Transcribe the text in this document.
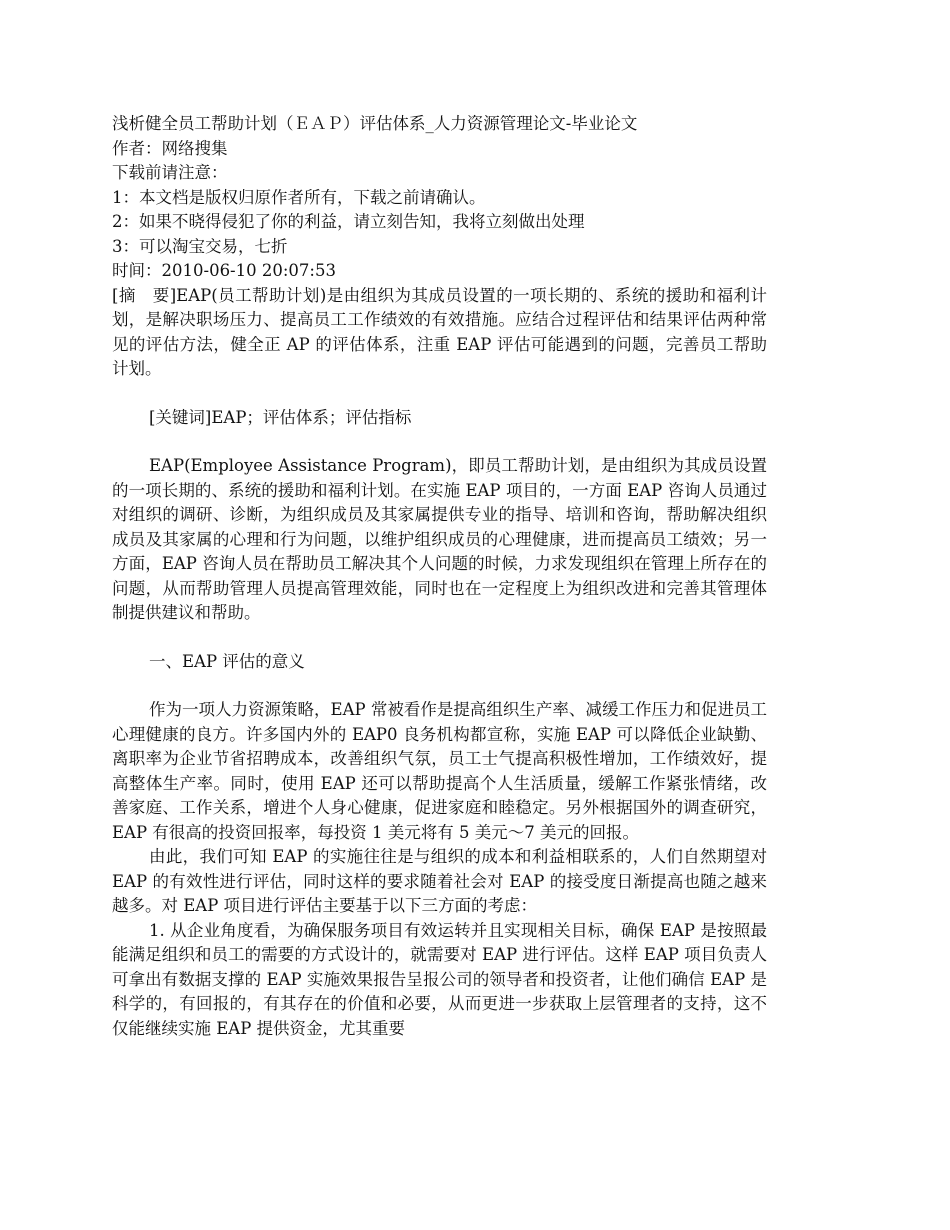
浅析健全员工帮助计划（ＥＡＰ）评估体系_人力资源管理论文-毕业论文
作者：网络搜集
下载前请注意：
1：本文档是版权归原作者所有，下载之前请确认。
2：如果不晓得侵犯了你的利益，请立刻告知，我将立刻做出处理
3：可以淘宝交易，七折
时间：2010-06-10 20:07:53
[摘　要]EAP(员工帮助计划)是由组织为其成员设置的一项长期的、系统的援助和福利计划，是解决职场压力、提高员工工作绩效的有效措施。应结合过程评估和结果评估两种常见的评估方法，健全正 AP 的评估体系，注重 EAP 评估可能遇到的问题，完善员工帮助计划。
[关键词]EAP；评估体系；评估指标
EAP(Employee Assistance Program)，即员工帮助计划，是由组织为其成员设置的一项长期的、系统的援助和福利计划。在实施 EAP 项目的，一方面 EAP 咨询人员通过对组织的调研、诊断，为组织成员及其家属提供专业的指导、培训和咨询，帮助解决组织成员及其家属的心理和行为问题，以维护组织成员的心理健康，进而提高员工绩效；另一方面，EAP 咨询人员在帮助员工解决其个人问题的时候，力求发现组织在管理上所存在的问题，从而帮助管理人员提高管理效能，同时也在一定程度上为组织改进和完善其管理体制提供建议和帮助。
一、EAP 评估的意义
作为一项人力资源策略，EAP 常被看作是提高组织生产率、减缓工作压力和促进员工心理健康的良方。许多国内外的 EAP0 良务机构都宣称，实施 EAP 可以降低企业缺勤、离职率为企业节省招聘成本，改善组织气氛，员工士气提高积极性增加，工作绩效好，提高整体生产率。同时，使用 EAP 还可以帮助提高个人生活质量，缓解工作紧张情绪，改善家庭、工作关系，增进个人身心健康，促进家庭和睦稳定。另外根据国外的调查研究，EAP 有很高的投资回报率，每投资 1 美元将有 5 美元～7 美元的回报。
由此，我们可知 EAP 的实施往往是与组织的成本和利益相联系的，人们自然期望对 EAP 的有效性进行评估，同时这样的要求随着社会对 EAP 的接受度日渐提高也随之越来越多。对 EAP 项目进行评估主要基于以下三方面的考虑：
1. 从企业角度看，为确保服务项目有效运转并且实现相关目标，确保 EAP 是按照最能满足组织和员工的需要的方式设计的，就需要对 EAP 进行评估。这样 EAP 项目负责人可拿出有数据支撑的 EAP 实施效果报告呈报公司的领导者和投资者，让他们确信 EAP 是科学的，有回报的，有其存在的价值和必要，从而更进一步获取上层管理者的支持，这不仅能继续实施 EAP 提供资金，尤其重要
